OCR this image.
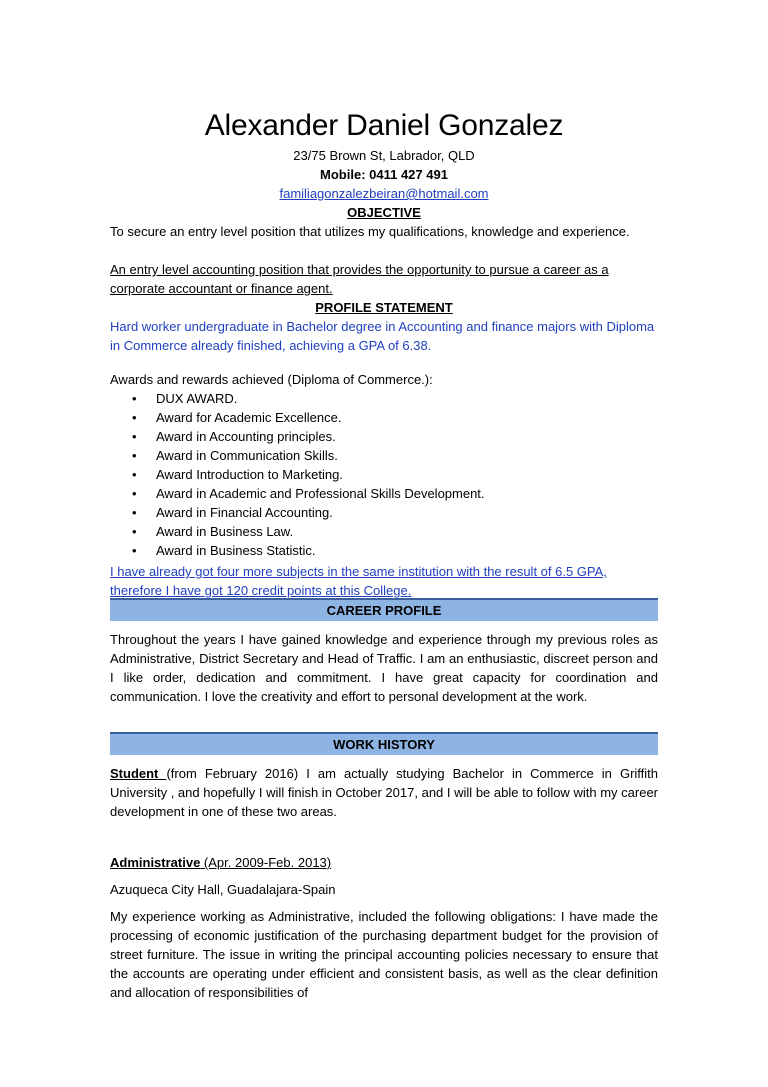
Alexander Daniel Gonzalez
23/75 Brown St, Labrador, QLD
Mobile: 0411 427 491
familiagonzalezbeiran@hotmail.com
OBJECTIVE
To secure an entry level position that utilizes my qualifications, knowledge and experience.
An entry level accounting position that provides the opportunity to pursue a career as a corporate accountant or finance agent.
PROFILE STATEMENT
Hard worker undergraduate in Bachelor degree in Accounting and finance majors with Diploma in Commerce already finished, achieving a GPA of 6.38.
Awards and rewards achieved (Diploma of Commerce.):
• DUX AWARD.
• Award for Academic Excellence.
• Award in Accounting principles.
• Award in Communication Skills.
• Award Introduction to Marketing.
• Award in Academic and Professional Skills Development.
• Award in Financial Accounting.
• Award in Business Law.
• Award in Business Statistic.
I have already got four more subjects in the same institution with the result of 6.5 GPA, therefore I have got 120 credit points at this College.
CAREER PROFILE
Throughout the years I have gained knowledge and experience through my previous roles as Administrative, District Secretary and Head of Traffic. I am an enthusiastic, discreet person and I like order, dedication and commitment. I have great capacity for coordination and communication. I love the creativity and effort to personal development at the work.
WORK HISTORY
Student (from February 2016) I am actually studying Bachelor in Commerce in Griffith University , and hopefully I will finish in October 2017, and I will be able to follow with my career development in one of these two areas.
Administrative (Apr. 2009-Feb. 2013)
Azuqueca City Hall, Guadalajara-Spain
My experience working as Administrative, included the following obligations: I have made the processing of economic justification of the purchasing department budget for the provision of street furniture. The issue in writing the principal accounting policies necessary to ensure that the accounts are operating under efficient and consistent basis, as well as the clear definition and allocation of responsibilities of
